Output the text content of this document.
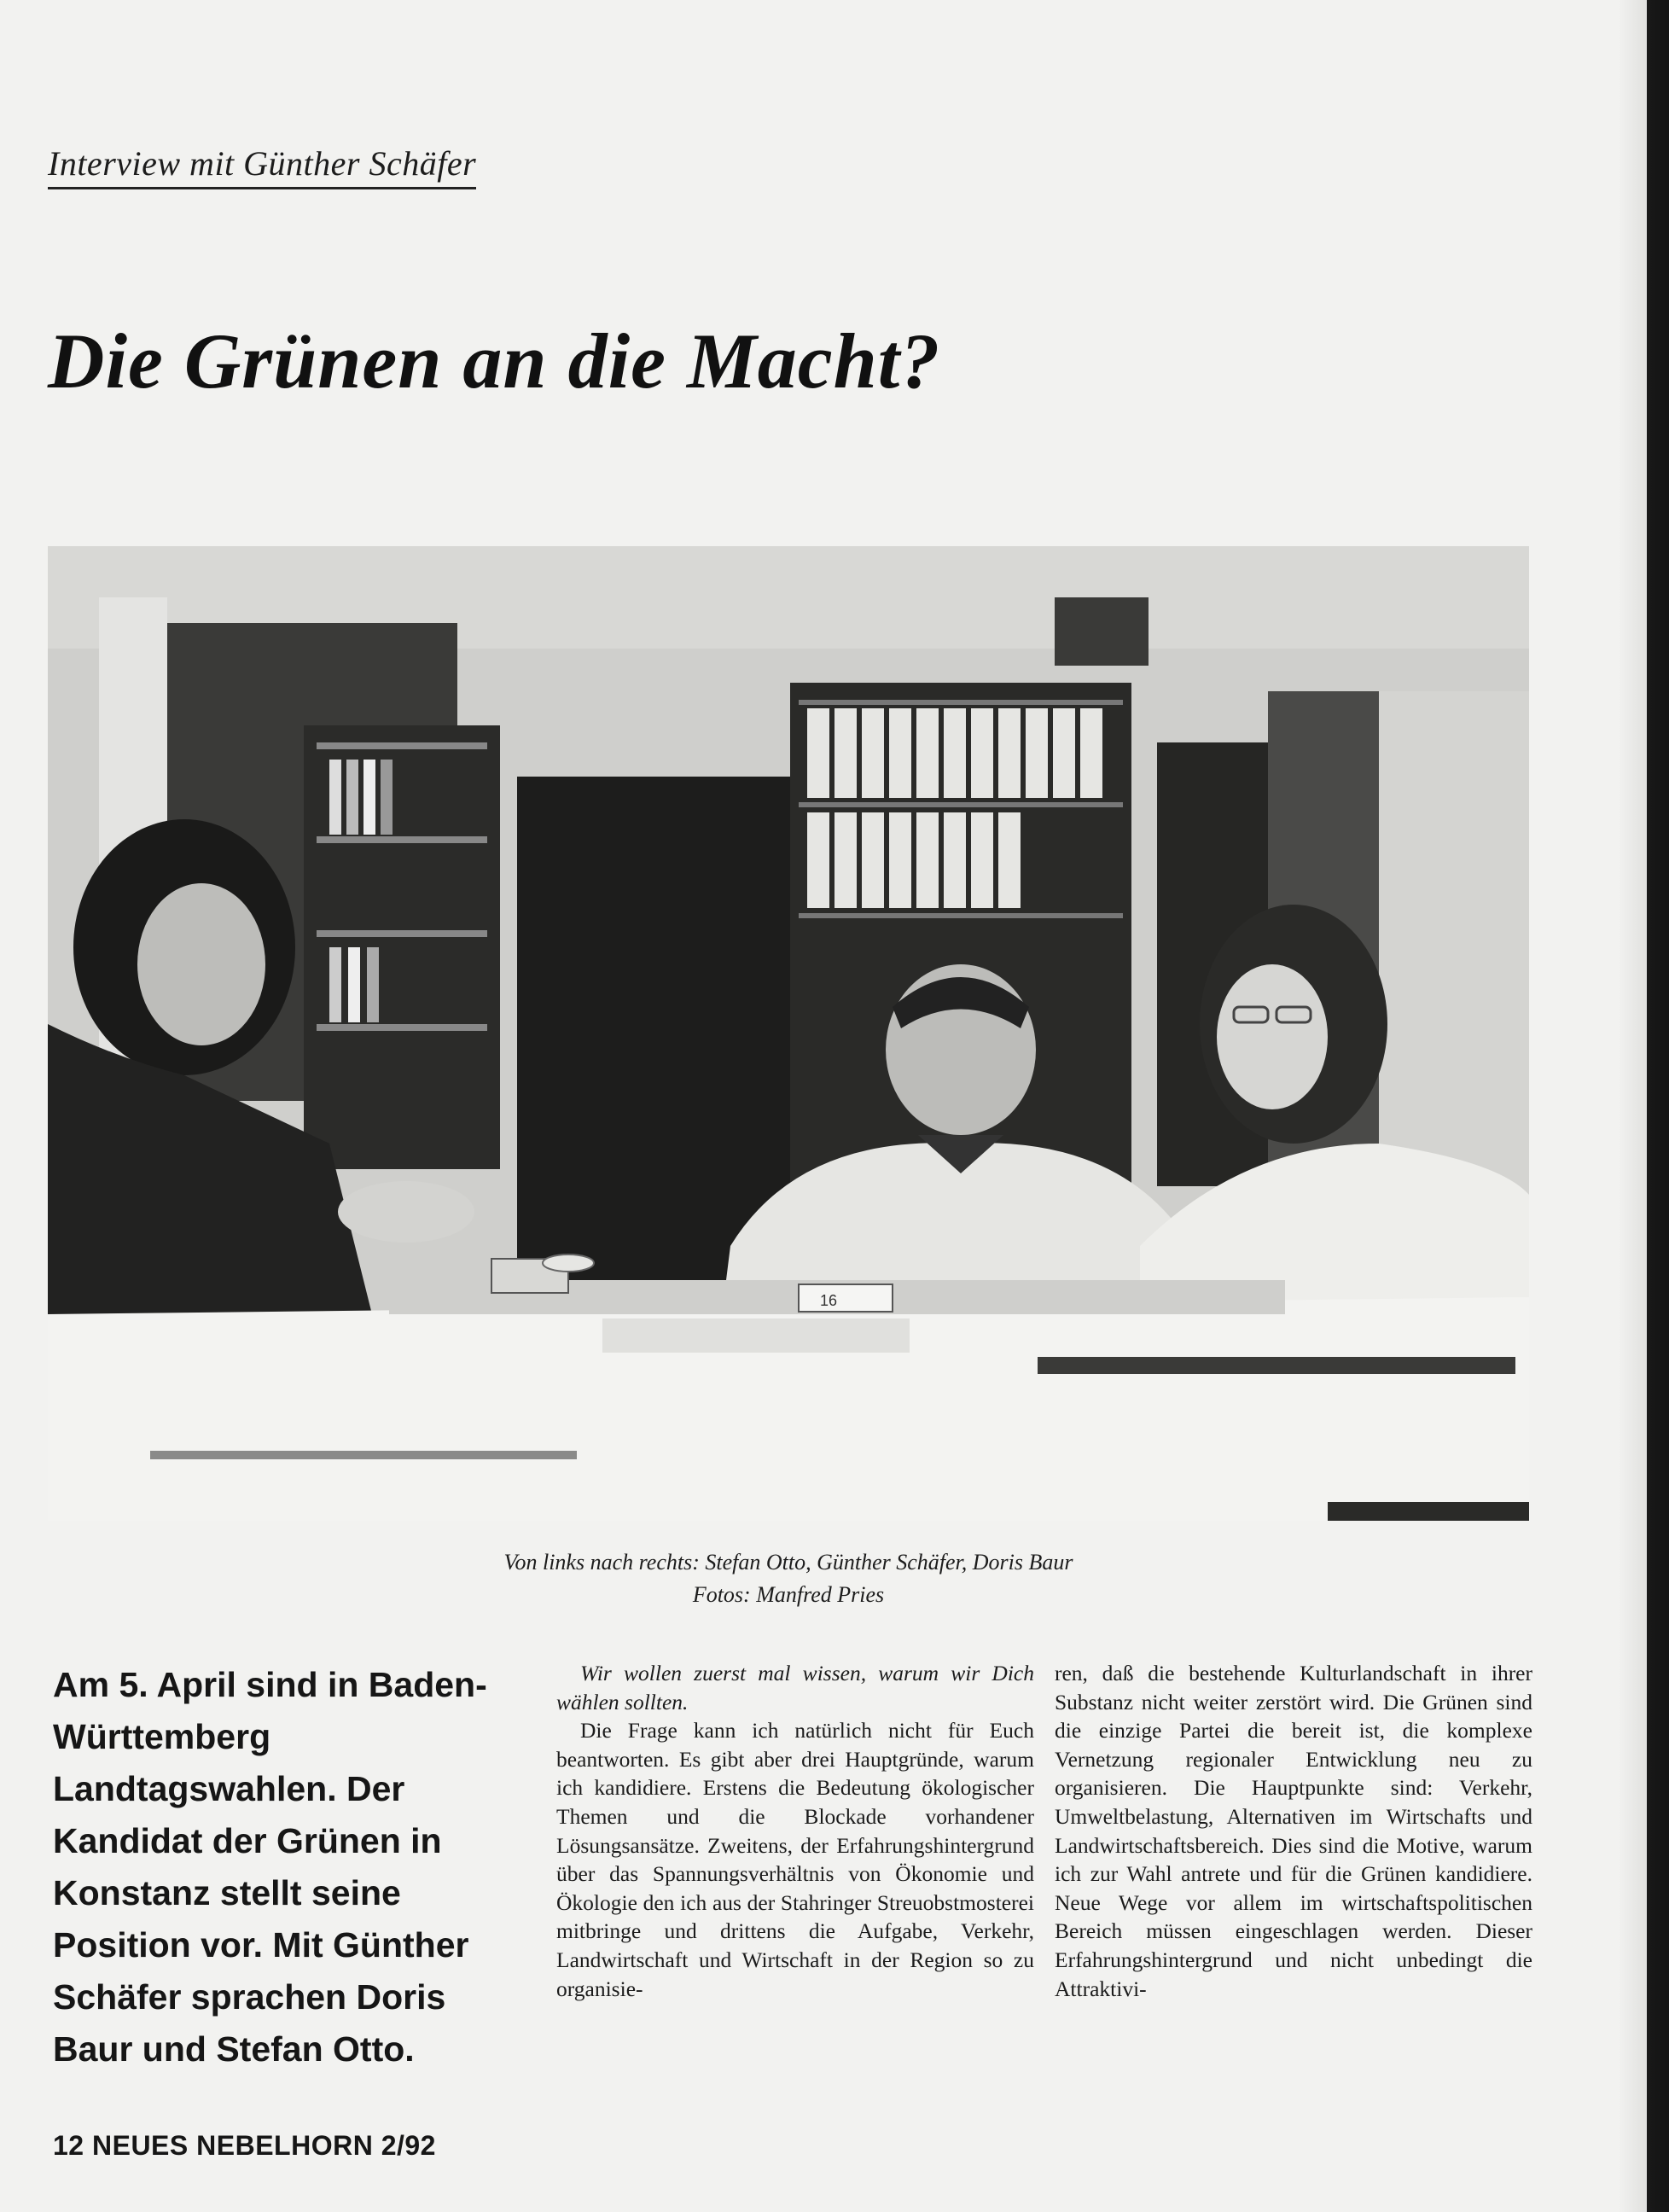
Interview mit Günther Schäfer
Die Grünen an die Macht?
16
Von links nach rechts: Stefan Otto, Günther Schäfer, Doris Baur
Fotos: Manfred Pries
Am 5. April sind in Baden-Württemberg Landtagswahlen. Der Kandidat der Grünen in Konstanz stellt seine Position vor. Mit Günther Schäfer sprachen Doris Baur und Stefan Otto.

Wir wollen zuerst mal wissen, warum wir Dich wählen sollten.

Die Frage kann ich natürlich nicht für Euch beantworten. Es gibt aber drei Hauptgründe, warum ich kandidiere. Erstens die Bedeutung ökologischer Themen und die Blockade vorhandener Lösungsansätze. Zweitens, der Erfahrungshintergrund über das Spannungsverhältnis von Ökonomie und Ökologie den ich aus der Stahringer Streuobstmosterei mitbringe und drittens die Aufgabe, Verkehr, Landwirtschaft und Wirtschaft in der Region so zu organisie-

ren, daß die bestehende Kulturlandschaft in ihrer Substanz nicht weiter zerstört wird. Die Grünen sind die einzige Partei die bereit ist, die komplexe Vernetzung regionaler Entwicklung neu zu organisieren. Die Hauptpunkte sind: Verkehr, Umweltbelastung, Alternativen im Wirtschafts und Landwirtschaftsbereich. Dies sind die Motive, warum ich zur Wahl antrete und für die Grünen kandidiere. Neue Wege vor allem im wirtschaftspolitischen Bereich müssen eingeschlagen werden. Dieser Erfahrungshintergrund und nicht unbedingt die Attraktivi-

12 NEUES NEBELHORN 2/92
